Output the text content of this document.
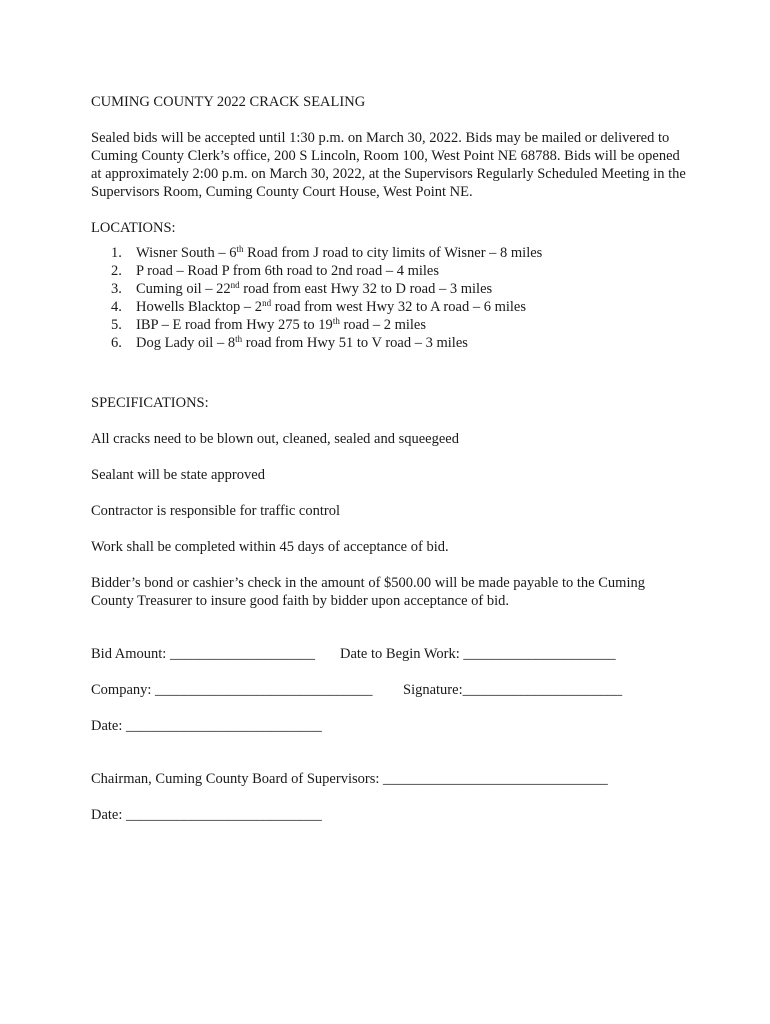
CUMING COUNTY 2022 CRACK SEALING
Sealed bids will be accepted until 1:30 p.m. on March 30, 2022. Bids may be mailed or delivered to Cuming County Clerk’s office, 200 S Lincoln, Room 100, West Point NE 68788. Bids will be opened at approximately 2:00 p.m. on March 30, 2022, at the Supervisors Regularly Scheduled Meeting in the Supervisors Room, Cuming County Court House, West Point NE.
LOCATIONS:
1. Wisner South – 6th Road from J road to city limits of Wisner – 8 miles
2. P road – Road P from 6th road to 2nd road – 4 miles
3. Cuming oil – 22nd road from east Hwy 32 to D road – 3 miles
4. Howells Blacktop – 2nd road from west Hwy 32 to A road – 6 miles
5. IBP – E road from Hwy 275 to 19th road – 2 miles
6. Dog Lady oil – 8th road from Hwy 51 to V road – 3 miles
SPECIFICATIONS:
All cracks need to be blown out, cleaned, sealed and squeegeed
Sealant will be state approved
Contractor is responsible for traffic control
Work shall be completed within 45 days of acceptance of bid.
Bidder’s bond or cashier’s check in the amount of $500.00 will be made payable to the Cuming County Treasurer to insure good faith by bidder upon acceptance of bid.
Bid Amount: ____________________ Date to Begin Work: _____________________
Company: ______________________________ Signature:______________________
Date: ___________________________
Chairman, Cuming County Board of Supervisors: _______________________________
Date: ___________________________
